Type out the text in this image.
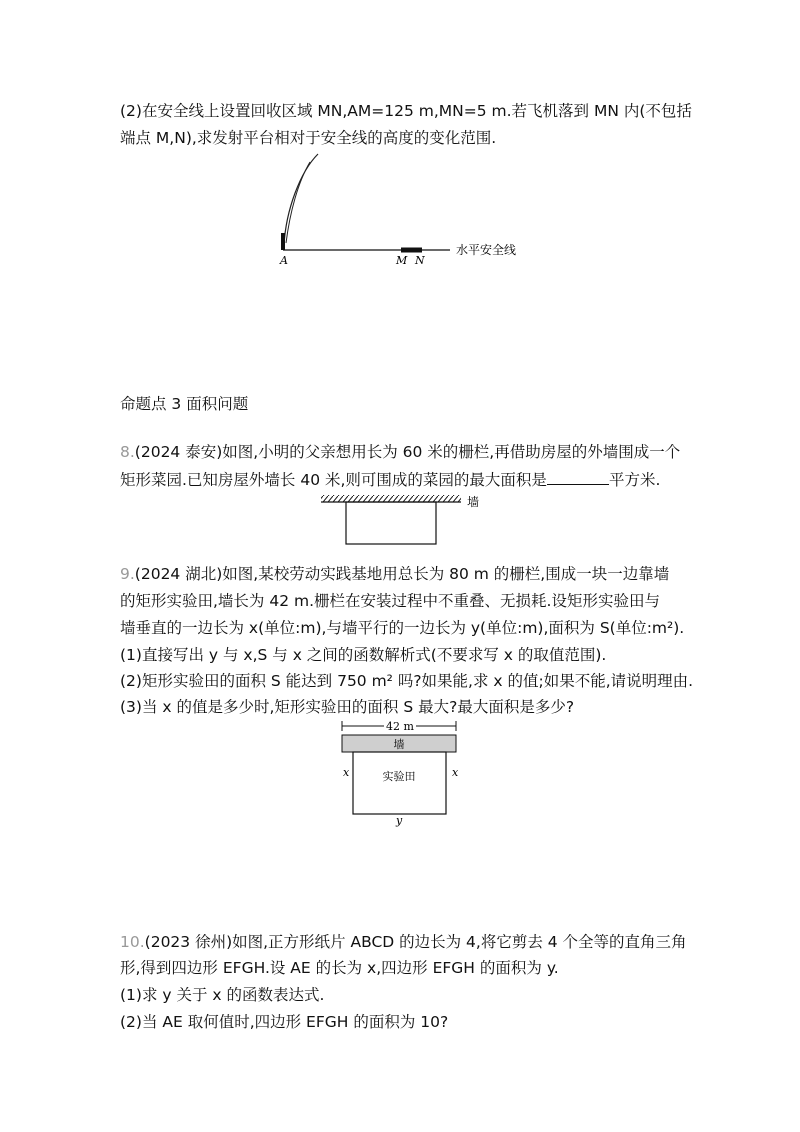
(2)在安全线上设置回收区域 MN,AM=125 m,MN=5 m.若飞机落到 MN 内(不包括
端点 M,N),求发射平台相对于安全线的高度的变化范围.
A	M N
水平安全线
命题点 3 面积问题
8.(2024 泰安)如图,小明的父亲想用长为 60 米的栅栏,再借助房屋的外墙围成一个
矩形菜园.已知房屋外墙长 40 米,则可围成的菜园的最大面积是	平方米.
墙
9.(2024 湖北)如图,某校劳动实践基地用总长为 80 m 的栅栏,围成一块一边靠墙
的矩形实验田,墙长为 42 m.栅栏在安装过程中不重叠、无损耗.设矩形实验田与
墙垂直的一边长为 x(单位:m),与墙平行的一边长为 y(单位:m),面积为 S(单位:m²).
(1)直接写出 y 与 x,S 与 x 之间的函数解析式(不要求写 x 的取值范围).
(2)矩形实验田的面积 S 能达到 750 m² 吗?如果能,求 x 的值;如果不能,请说明理由.
(3)当 x 的值是多少时,矩形实验田的面积 S 最大?最大面积是多少?
42 m
墙
实验田
x	x
y
10.(2023 徐州)如图,正方形纸片 ABCD 的边长为 4,将它剪去 4 个全等的直角三角
形,得到四边形 EFGH.设 AE 的长为 x,四边形 EFGH 的面积为 y.
(1)求 y 关于 x 的函数表达式.
(2)当 AE 取何值时,四边形 EFGH 的面积为 10?
